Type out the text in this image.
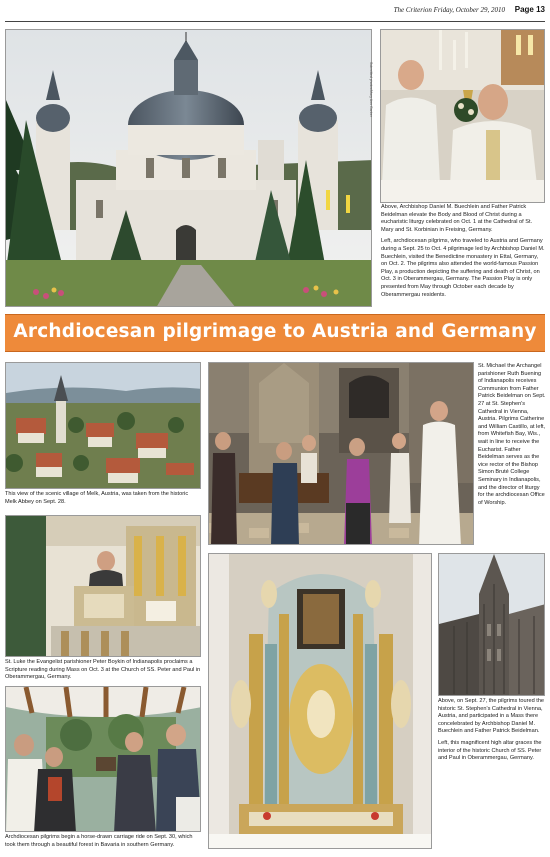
The Criterion Friday, October 29, 2010 Page 13
Submitted photos/Mary Ann Garber

Above, Archbishop Daniel M. Buechlein and Father Patrick Beidelman elevate the Body and Blood of Christ during a eucharistic liturgy celebrated on Oct. 1 at the Cathedral of St. Mary and St. Korbinian in Freising, Germany.

Left, archdiocesan pilgrims, who traveled to Austria and Germany during a Sept. 25 to Oct. 4 pilgrimage led by Archbishop Daniel M. Buechlein, visited the Benedictine monastery in Ettal, Germany, on Oct. 2. The pilgrims also attended the world-famous Passion Play, a production depicting the suffering and death of Christ, on Oct. 3 in Oberammergau, Germany. The Passion Play is only presented from May through October each decade by Oberammergau residents.

Archdiocesan pilgrimage to Austria and Germany
This view of the scenic village of Melk, Austria, was taken from the historic Melk Abbey on Sept. 28.
St. Michael the Archangel parishioner Ruth Buening of Indianapolis receives Communion from Father Patrick Beidelman on Sept. 27 at St. Stephen's Cathedral in Vienna, Austria. Pilgrims Catherine and William Castillo, at left, from Whitefish Bay, Wis., wait in line to receive the Eucharist. Father Beidelman serves as the vice rector of the Bishop Simon Bruté College Seminary in Indianapolis, and the director of liturgy for the archdiocesan Office of Worship.
St. Luke the Evangelist parishioner Peter Boykin of Indianapolis proclaims a Scripture reading during Mass on Oct. 3 at the Church of SS. Peter and Paul in Oberammergau, Germany.

Above, on Sept. 27, the pilgrims toured the historic St. Stephen's Cathedral in Vienna, Austria, and participated in a Mass there concelebrated by Archbishop Daniel M. Buechlein and Father Patrick Beidelman.

Left, this magnificent high altar graces the interior of the historic Church of SS. Peter and Paul in Oberammergau, Germany.

Archdiocesan pilgrims begin a horse-drawn carriage ride on Sept. 30, which took them through a beautiful forest in Bavaria in southern Germany.
